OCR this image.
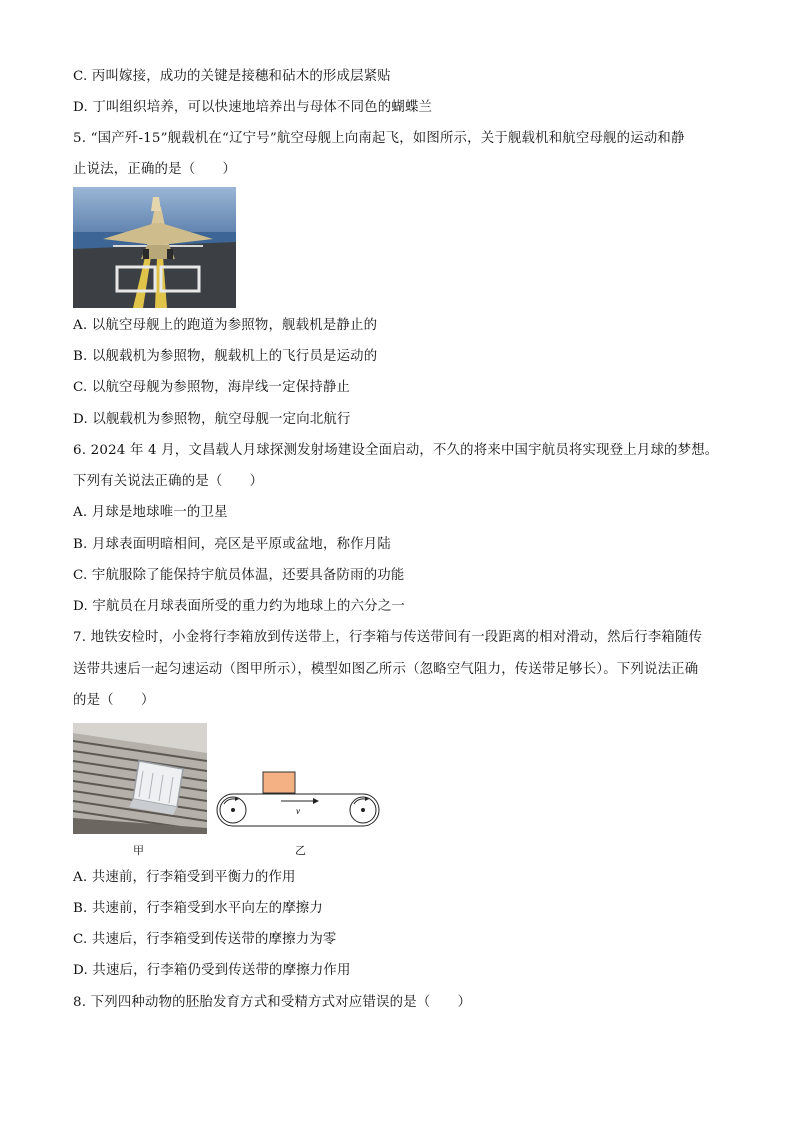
C. 丙叫嫁接，成功的关键是接穗和砧木的形成层紧贴
D. 丁叫组织培养，可以快速地培养出与母体不同色的蝴蝶兰
5. “国产歼-15”舰载机在“辽宁号”航空母舰上向南起飞，如图所示，关于舰载机和航空母舰的运动和静
止说法，正确的是（　　）
A. 以航空母舰上的跑道为参照物，舰载机是静止的
B. 以舰载机为参照物，舰载机上的飞行员是运动的
C. 以航空母舰为参照物，海岸线一定保持静止
D. 以舰载机为参照物，航空母舰一定向北航行
6. 2024 年 4 月，文昌载人月球探测发射场建设全面启动，不久的将来中国宇航员将实现登上月球的梦想。
下列有关说法正确的是（　　）
A. 月球是地球唯一的卫星
B. 月球表面明暗相间，亮区是平原或盆地，称作月陆
C. 宇航服除了能保持宇航员体温，还要具备防雨的功能
D. 宇航员在月球表面所受的重力约为地球上的六分之一
7. 地铁安检时，小金将行李箱放到传送带上，行李箱与传送带间有一段距离的相对滑动，然后行李箱随传
送带共速后一起匀速运动（图甲所示），模型如图乙所示（忽略空气阻力，传送带足够长）。下列说法正确
的是（　　）
v
甲	乙
A. 共速前，行李箱受到平衡力的作用
B. 共速前，行李箱受到水平向左的摩擦力
C. 共速后，行李箱受到传送带的摩擦力为零
D. 共速后，行李箱仍受到传送带的摩擦力作用
8. 下列四种动物的胚胎发育方式和受精方式对应错误的是（　　）
